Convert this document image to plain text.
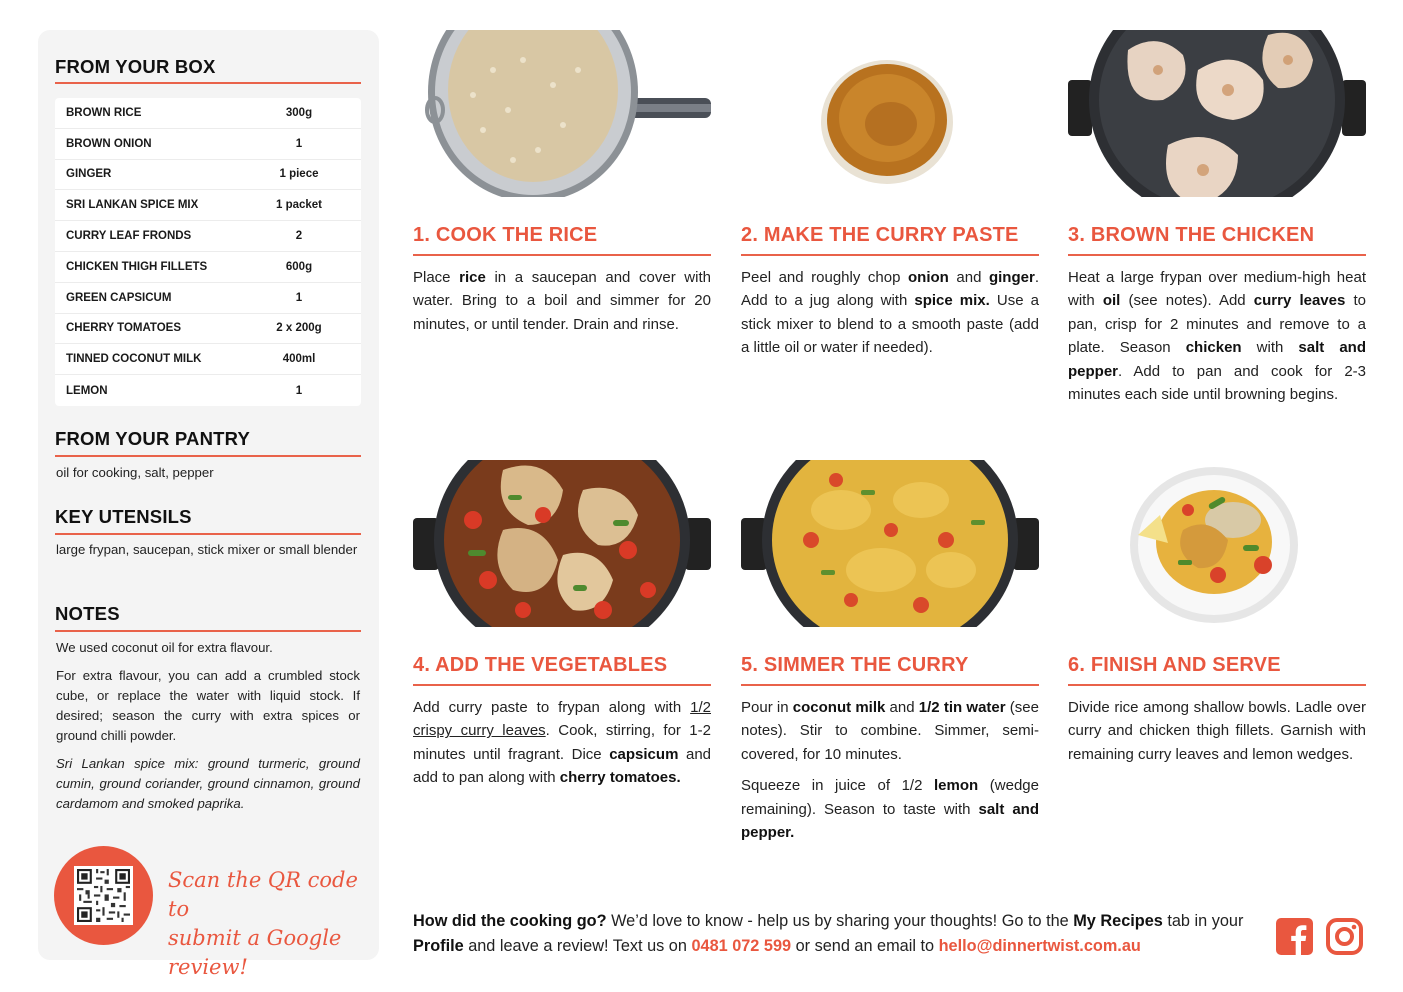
FROM YOUR BOX
BROWN RICE	300g
BROWN ONION	1
GINGER	1 piece
SRI LANKAN SPICE MIX	1 packet
CURRY LEAF FRONDS	2
CHICKEN THIGH FILLETS	600g
GREEN CAPSICUM	1
CHERRY TOMATOES	2 x 200g
TINNED COCONUT MILK	400ml
LEMON	1
FROM YOUR PANTRY
oil for cooking, salt, pepper
KEY UTENSILS
large frypan, saucepan, stick mixer or small blender
NOTES

We used coconut oil for extra flavour.

For extra flavour, you can add a crumbled stock cube, or replace the water with liquid stock. If desired; season the curry with extra spices or ground chilli powder.

Sri Lankan spice mix: ground turmeric, ground cumin, ground coriander, ground cinnamon, ground cardamom and smoked paprika.

Scan the QR code to
submit a Google review!
1. COOK THE RICE	2. MAKE THE CURRY PASTE 3. BROWN THE CHICKEN
4. ADD THE VEGETABLES	5. SIMMER THE CURRY	6. FINISH AND SERVE

Place rice in a saucepan and cover with water. Bring to a boil and simmer for 20 minutes, or until tender. Drain and rinse.

Peel and roughly chop onion and ginger. Add to a jug along with spice mix. Use a stick mixer to blend to a smooth paste (add a little oil or water if needed).

Heat a large frypan over medium-high heat with oil (see notes). Add curry leaves to pan, crisp for 2 minutes and remove to a plate. Season chicken with salt and pepper. Add to pan and cook for 2-3 minutes each side until browning begins.

Add curry paste to frypan along with 1/2 crispy curry leaves. Cook, stirring, for 1-2 minutes until fragrant. Dice capsicum and add to pan along with cherry tomatoes.

Pour in coconut milk and 1/2 tin water (see notes). Stir to combine. Simmer, semi-covered, for 10 minutes.

Squeeze in juice of 1/2 lemon (wedge remaining). Season to taste with salt and pepper.

Divide rice among shallow bowls. Ladle over curry and chicken thigh fillets. Garnish with remaining curry leaves and lemon wedges.

How did the cooking go? We’d love to know - help us by sharing your thoughts! Go to the My Recipes tab in your Profile and leave a review! Text us on 0481 072 599 or send an email to hello@dinnertwist.com.au
